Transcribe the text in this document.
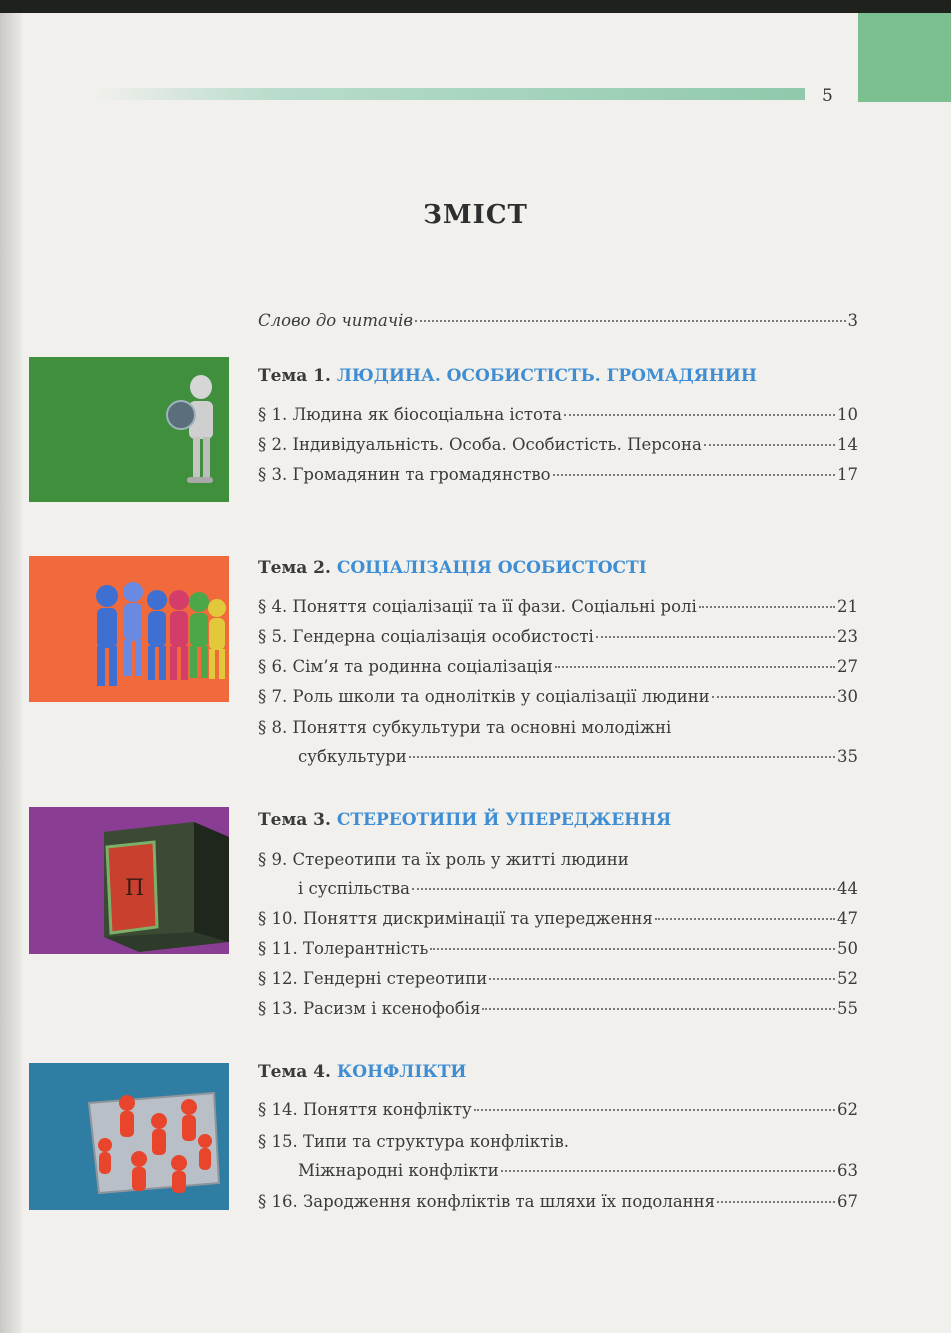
5
ЗМІСТ
Слово до читачів	3
Тема 1. ЛЮДИНА. ОСОБИСТІСТЬ. ГРОМАДЯНИН
§ 1. Людина як біосоціальна істота	10
§ 2. Індивідуальність. Особа. Особистість. Персона	14
§ 3. Громадянин та громадянство	17
Тема 2. СОЦІАЛІЗАЦІЯ ОСОБИСТОСТІ
§ 4. Поняття соціалізації та її фази. Соціальні ролі	21
§ 5. Гендерна соціалізація особистості	23
§ 6. Сім’я та родинна соціалізація	27
§ 7. Роль школи та однолітків у соціалізації людини	30
§ 8. Поняття субкультури та основні молодіжні
субкультури	35
Π
Тема 3. СТЕРЕОТИПИ Й УПЕРЕДЖЕННЯ
§ 9. Стереотипи та їх роль у житті людини
і суспільства	44
§ 10. Поняття дискримінації та упередження	47
§ 11. Толерантність	50
§ 12. Гендерні стереотипи	52
§ 13. Расизм і ксенофобія	55
Тема 4. КОНФЛІКТИ
§ 14. Поняття конфлікту	62
§ 15. Типи та структура конфліктів.
Міжнародні конфлікти	63
§ 16. Зародження конфліктів та шляхи їх подолання	67
